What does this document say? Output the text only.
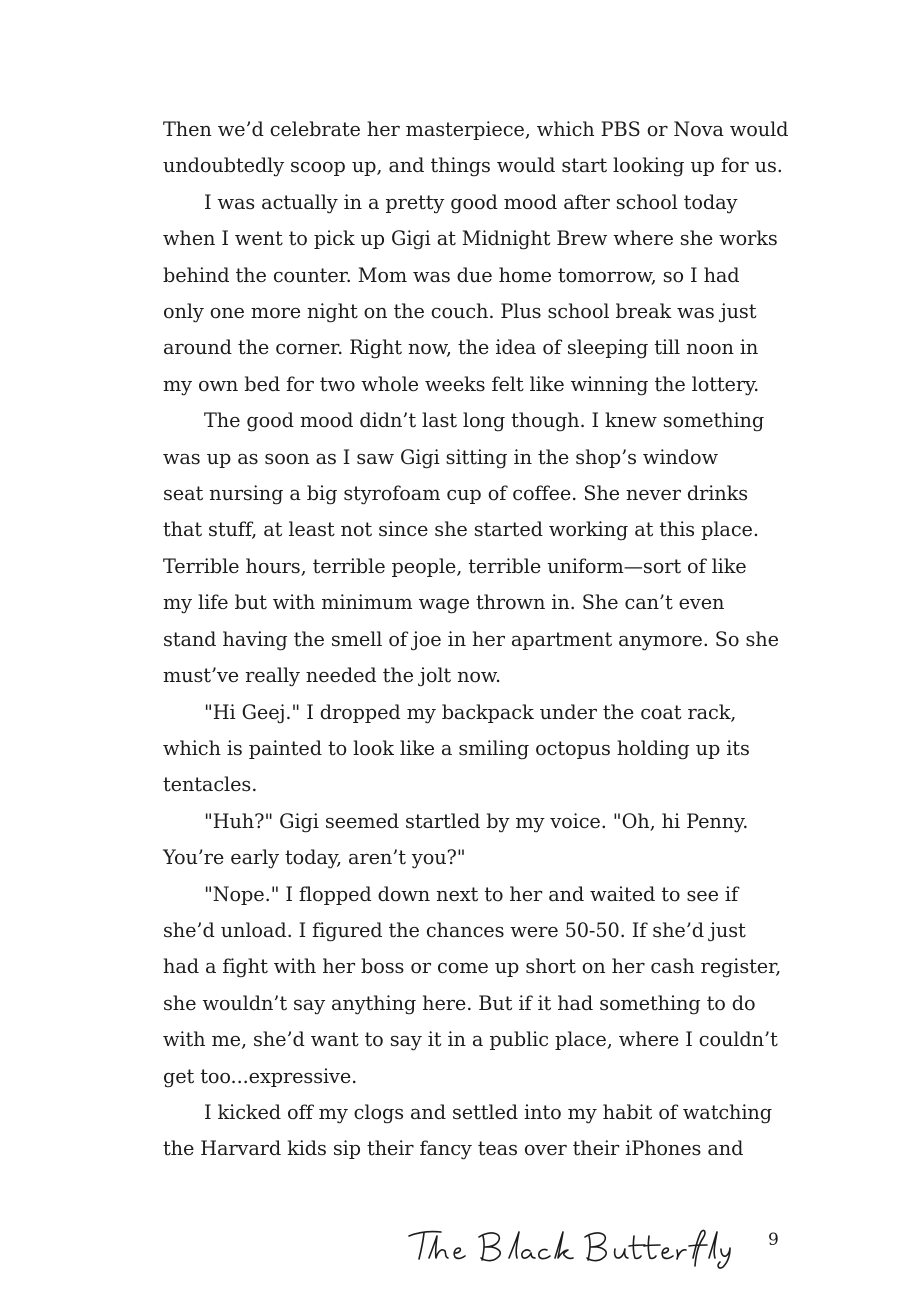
Then we’d celebrate her masterpiece, which PBS or Nova would
undoubtedly scoop up, and things would start looking up for us.

I was actually in a pretty good mood after school today
when I went to pick up Gigi at Midnight Brew where she works
behind the counter. Mom was due home tomorrow, so I had
only one more night on the couch. Plus school break was just
around the corner. Right now, the idea of sleeping till noon in
my own bed for two whole weeks felt like winning the lottery.

The good mood didn’t last long though. I knew something
was up as soon as I saw Gigi sitting in the shop’s window
seat nursing a big styrofoam cup of coffee. She never drinks
that stuff, at least not since she started working at this place.
Terrible hours, terrible people, terrible uniform—sort of like
my life but with minimum wage thrown in. She can’t even
stand having the smell of joe in her apartment anymore. So she
must’ve really needed the jolt now.

"Hi Geej." I dropped my backpack under the coat rack,
which is painted to look like a smiling octopus holding up its
tentacles.

"Huh?" Gigi seemed startled by my voice. "Oh, hi Penny.
You’re early today, aren’t you?"

"Nope." I flopped down next to her and waited to see if
she’d unload. I figured the chances were 50-50. If she’d just
had a fight with her boss or come up short on her cash register,
she wouldn’t say anything here. But if it had something to do
with me, she’d want to say it in a public place, where I couldn’t
get too...expressive.

I kicked off my clogs and settled into my habit of watching
the Harvard kids sip their fancy teas over their iPhones and

9
